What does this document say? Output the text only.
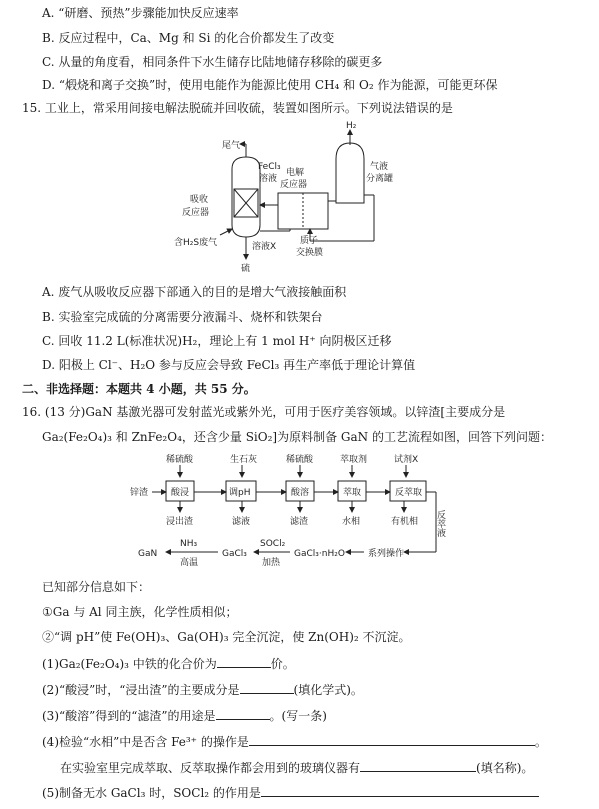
A. “研磨、预热”步骤能加快反应速率
B. 反应过程中，Ca、Mg 和 Si 的化合价都发生了改变
C. 从量的角度看，相同条件下水生储存比陆地储存移除的碳更多
D. “煅烧和离子交换”时，使用电能作为能源比使用 CH₄ 和 O₂ 作为能源，可能更环保
15. 工业上，常采用间接电解法脱硫并回收硫，装置如图所示。下列说法错误的是
H₂
气液
分离罐
尾气
吸收
反应器
FeCl₃
溶液
电解
反应器
溶液X
质子
交换膜
含H₂S废气
硫
A. 废气从吸收反应器下部通入的目的是增大气液接触面积
B. 实验室完成硫的分离需要分液漏斗、烧杯和铁架台
C. 回收 11.2 L(标准状况)H₂，理论上有 1 mol H⁺ 向阴极区迁移
D. 阳极上 Cl⁻、H₂O 参与反应会导致 FeCl₃ 再生产率低于理论计算值
二、非选择题：本题共 4 小题，共 55 分。
16. (13 分)GaN 基激光器可发射蓝光或紫外光，可用于医疗美容领域。以锌渣[主要成分是
Ga₂(Fe₂O₄)₃ 和 ZnFe₂O₄，还含少量 SiO₂]为原料制备 GaN 的工艺流程如图，回答下列问题：
稀硫酸	生石灰	稀硫酸	萃取剂	试剂X
锌渣	酸浸	调pH	酸溶	萃取	反萃取
浸出渣	滤液	滤渣	水相	有机相 反萃液
系列操作
GaCl₃·nH₂O
SOCl₂
加热
GaCl₃
NH₃
高温
GaN
已知部分信息如下：
①Ga 与 Al 同主族，化学性质相似；
②“调 pH”使 Fe(OH)₃、Ga(OH)₃ 完全沉淀，使 Zn(OH)₂ 不沉淀。
(1)Ga₂(Fe₂O₄)₃ 中铁的化合价为	价。
(2)“酸浸”时，“浸出渣”的主要成分是	(填化学式)。
(3)“酸溶”得到的“滤渣”的用途是	。(写一条)
(4)检验“水相”中是否含 Fe³⁺ 的操作是	。
在实验室里完成萃取、反萃取操作都会用到的玻璃仪器有	(填名称)。
(5)制备无水 GaCl₃ 时，SOCl₂ 的作用是
